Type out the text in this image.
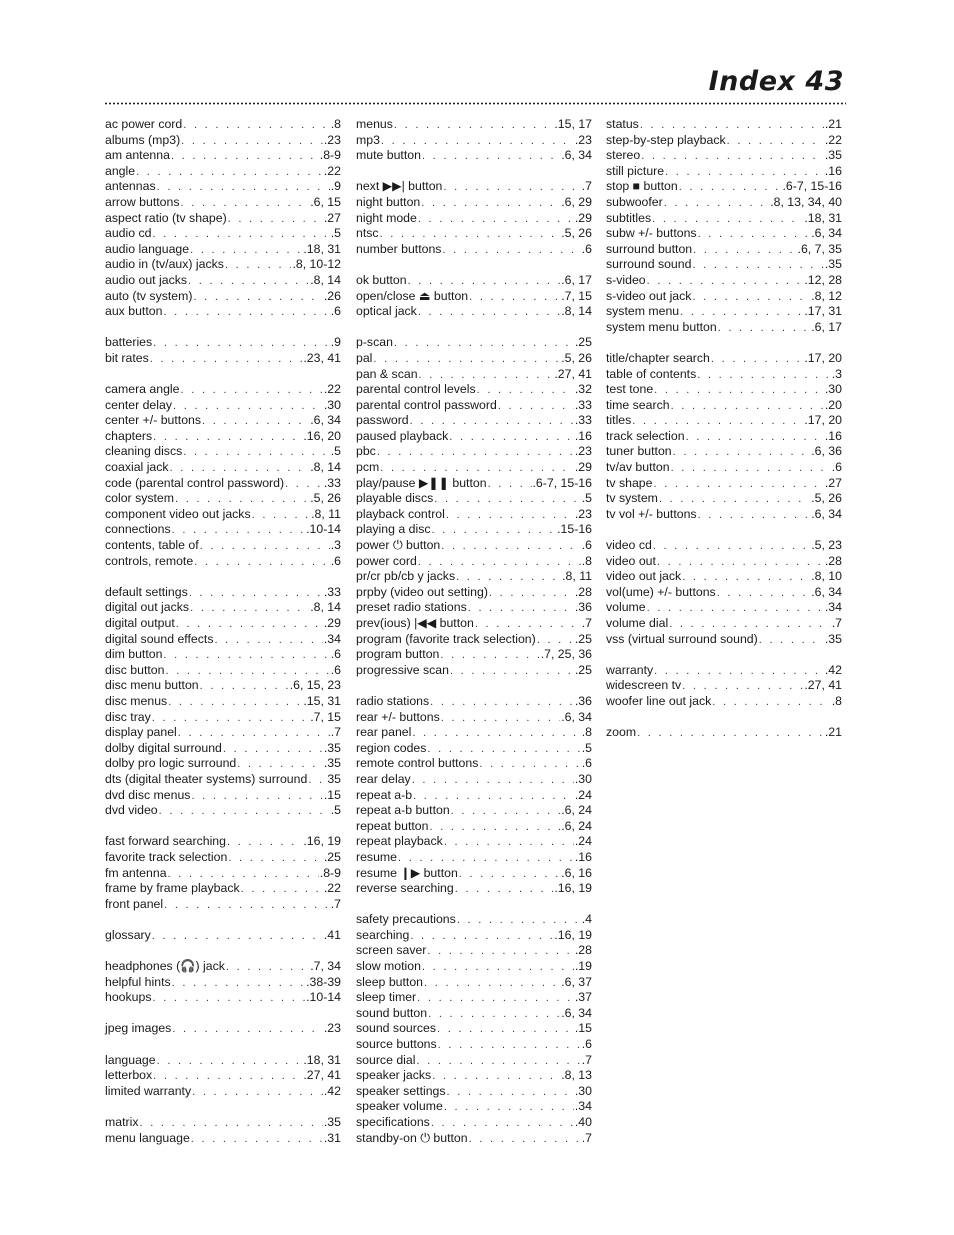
Index 43
ac power cord . . .	.8
albums (mp3) . . .	.23
am antenna . . .	.8-9
angle . . .	.22
antennas . . .	.9
arrow buttons . . .	.6, 15
aspect ratio (tv shape) . . .	.27
audio cd . . .	.5
audio language . . .	.18, 31
audio in (tv/aux) jacks . . .	.8, 10-12
audio out jacks . . .	.8, 14
auto (tv system) . . .	.26
aux button . . .	.6
batteries . . .	.9
bit rates . . .	.23, 41
camera angle . . .	.22
center delay . . .	.30
center +/- buttons . . .	.6, 34
chapters . . .	.16, 20
cleaning discs . . .	.5
coaxial jack . . .	.8, 14
code (parental control password) . . .	.33
color system . . .	.5, 26
component video out jacks . . .	.8, 11
connections . . .	.10-14
contents, table of . . .	.3
controls, remote . . .	.6
default settings . . .	.33
digital out jacks . . .	.8, 14
digital output . . .	.29
digital sound effects . . .	.34
dim button . . .	.6
disc button . . .	.6
disc menu button . . .	.6, 15, 23
disc menus . . .	.15, 31
disc tray . . .	.7, 15
display panel . . .	.7
dolby digital surround . . .	.35
dolby pro logic surround . . .	.35
dts (digital theater systems) surround . . . 35
dvd disc menus . . .	.15
dvd video . . .	.5
fast forward searching . . .	.16, 19
favorite track selection . . .	.25
fm antenna . . .	.8-9
frame by frame playback . . .	.22
front panel . . .	.7
glossary . . .	.41
headphones (🎧) jack . . .	.7, 34
helpful hints . . .	.38-39
hookups . . .	.10-14
jpeg images . . .	.23
language . . .	.18, 31
letterbox . . .	.27, 41
limited warranty . . .	.42
matrix . . .	.35
menu language . . .	.31
menus . . .	.15, 17
mp3 . . .	.23
mute button . . .	.6, 34
next ▶▶| button . . .	.7
night button . . .	.6, 29
night mode . . .	.29
ntsc . . .	.5, 26
number buttons . . .	.6
ok button . . .	.6, 17
open/close ⏏ button . . .	.7, 15
optical jack . . .	.8, 14
p-scan . . .	.25
pal . . .	.5, 26
pan & scan . . .	.27, 41
parental control levels . . .	.32
parental control password . . .	.33
password . . .	.33
paused playback . . .	.16
pbc . . .	.23
pcm . . .	.29
play/pause ▶❚❚ button . . .	.6-7, 15-16
playable discs . . .	.5
playback control . . .	.23
playing a disc . . .	.15-16
power ⏻ button . . .	.6
power cord . . .	.8
pr/cr pb/cb y jacks . . .	.8, 11
prpby (video out setting) . . .	.28
preset radio stations . . .	.36
prev(ious) |◀◀ button . . .	.7
program (favorite track selection) . . .	.25
program button . . .	.7, 25, 36
progressive scan . . .	.25
radio stations . . .	.36
rear +/- buttons . . .	.6, 34
rear panel . . .	.8
region codes . . .	.5
remote control buttons . . .	.6
rear delay . . .	.30
repeat a-b . . .	.24
repeat a-b button . . .	.6, 24
repeat button . . .	.6, 24
repeat playback . . .	.24
resume . . .	.16
resume ❙▶ button . . .	.6, 16
reverse searching . . .	.16, 19
safety precautions . . .	.4
searching . . .	.16, 19
screen saver . . .	.28
slow motion . . .	.19
sleep button . . .	.6, 37
sleep timer . . .	.37
sound button . . .	.6, 34
sound sources . . .	.15
source buttons . . .	.6
source dial . . .	.7
speaker jacks . . .	.8, 13
speaker settings . . .	.30
speaker volume . . .	.34
specifications . . .	.40
standby-on ⏻ button . . .	.7
status . . .	.21
step-by-step playback . . .	.22
stereo . . .	.35
still picture . . .	.16
stop ■ button . . .	.6-7, 15-16
subwoofer . . .	.8, 13, 34, 40
subtitles . . .	.18, 31
subw +/- buttons . . .	.6, 34
surround button . . .	.6, 7, 35
surround sound . . .	.35
s-video . . .	.12, 28
s-video out jack . . .	.8, 12
system menu . . .	.17, 31
system menu button . . .	.6, 17
title/chapter search . . .	.17, 20
table of contents . . .	.3
test tone . . .	.30
time search . . .	.20
titles . . .	.17, 20
track selection . . .	.16
tuner button . . .	.6, 36
tv/av button . . .	.6
tv shape . . .	.27
tv system . . .	.5, 26
tv vol +/- buttons . . .	.6, 34
video cd . . .	.5, 23
video out . . .	.28
video out jack . . .	.8, 10
vol(ume) +/- buttons . . .	.6, 34
volume . . .	.34
volume dial . . .	.7
vss (virtual surround sound) . . .	.35
warranty . . .	.42
widescreen tv . . .	.27, 41
woofer line out jack . . .	.8
zoom . . .	.21
